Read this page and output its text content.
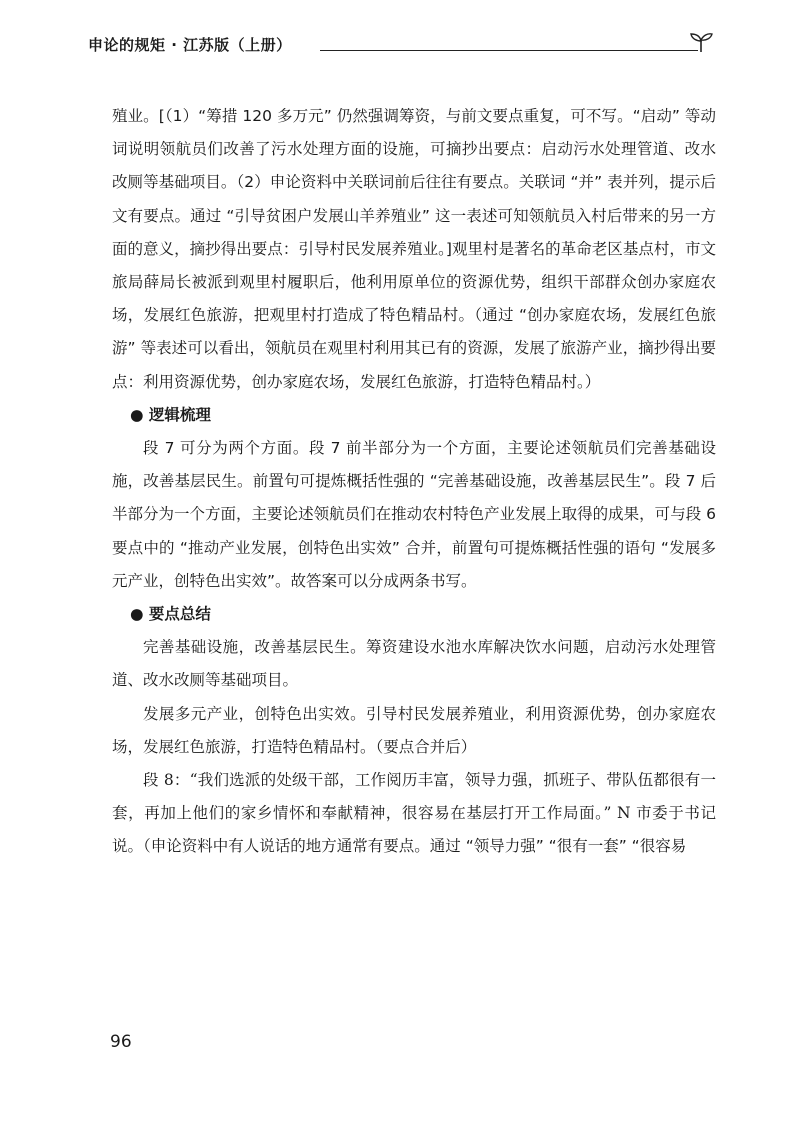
申论的规矩 · 江苏版（上册）

殖业。[（1）“筹措 120 多万元” 仍然强调筹资，与前文要点重复，可不写。“启动” 等动词说明领航员们改善了污水处理方面的设施，可摘抄出要点：启动污水处理管道、改水改厕等基础项目。（2）申论资料中关联词前后往往有要点。关联词 “并” 表并列，提示后文有要点。通过 “引导贫困户发展山羊养殖业” 这一表述可知领航员入村后带来的另一方面的意义，摘抄得出要点：引导村民发展养殖业。]观里村是著名的革命老区基点村，市文旅局薛局长被派到观里村履职后，他利用原单位的资源优势，组织干部群众创办家庭农场，发展红色旅游，把观里村打造成了特色精品村。（通过 “创办家庭农场，发展红色旅游” 等表述可以看出，领航员在观里村利用其已有的资源，发展了旅游产业，摘抄得出要点：利用资源优势，创办家庭农场，发展红色旅游，打造特色精品村。）

● 逻辑梳理

段 7 可分为两个方面。段 7 前半部分为一个方面，主要论述领航员们完善基础设施，改善基层民生。前置句可提炼概括性强的 “完善基础设施，改善基层民生”。段 7 后半部分为一个方面，主要论述领航员们在推动农村特色产业发展上取得的成果，可与段 6 要点中的 “推动产业发展，创特色出实效” 合并，前置句可提炼概括性强的语句 “发展多元产业，创特色出实效”。故答案可以分成两条书写。

● 要点总结

完善基础设施，改善基层民生。筹资建设水池水库解决饮水问题，启动污水处理管道、改水改厕等基础项目。

发展多元产业，创特色出实效。引导村民发展养殖业，利用资源优势，创办家庭农场，发展红色旅游，打造特色精品村。（要点合并后）

段 8：“我们选派的处级干部，工作阅历丰富，领导力强，抓班子、带队伍都很有一套，再加上他们的家乡情怀和奉献精神，很容易在基层打开工作局面。” N 市委于书记说。（申论资料中有人说话的地方通常有要点。通过 “领导力强” “很有一套” “很容易

96
